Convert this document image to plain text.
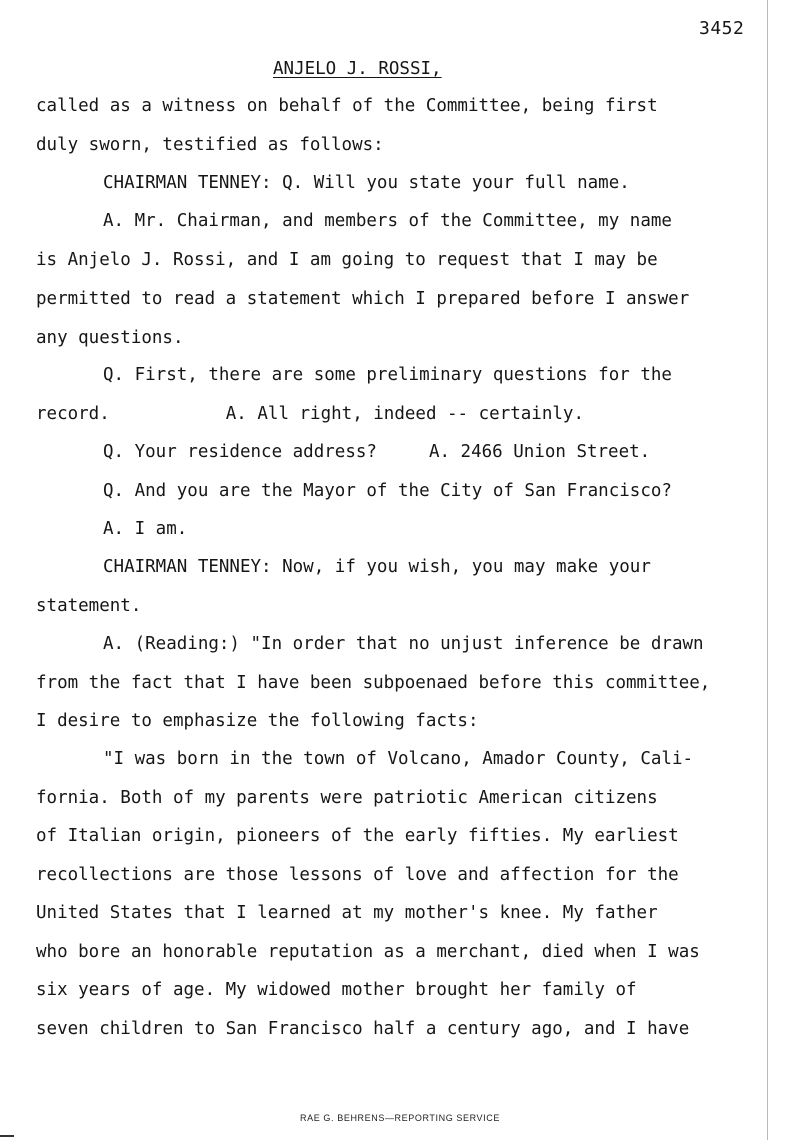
3452
ANJELO J. ROSSI,
called as a witness on behalf of the Committee, being first
duly sworn, testified as follows:
CHAIRMAN TENNEY: Q. Will you state your full name.
A. Mr. Chairman, and members of the Committee, my name
is Anjelo J. Rossi, and I am going to request that I may be
permitted to read a statement which I prepared before I answer
any questions.
Q. First, there are some preliminary questions for the
record.	A. All right, indeed -- certainly.
Q. Your residence address?	A. 2466 Union Street.
Q. And you are the Mayor of the City of San Francisco?
A. I am.
CHAIRMAN TENNEY: Now, if you wish, you may make your
statement.
A. (Reading:) "In order that no unjust inference be drawn
from the fact that I have been subpoenaed before this committee,
I desire to emphasize the following facts:
"I was born in the town of Volcano, Amador County, Cali-
fornia. Both of my parents were patriotic American citizens
of Italian origin, pioneers of the early fifties. My earliest
recollections are those lessons of love and affection for the
United States that I learned at my mother's knee. My father
who bore an honorable reputation as a merchant, died when I was
six years of age. My widowed mother brought her family of
seven children to San Francisco half a century ago, and I have
RAE G. BEHRENS—REPORTING SERVICE
